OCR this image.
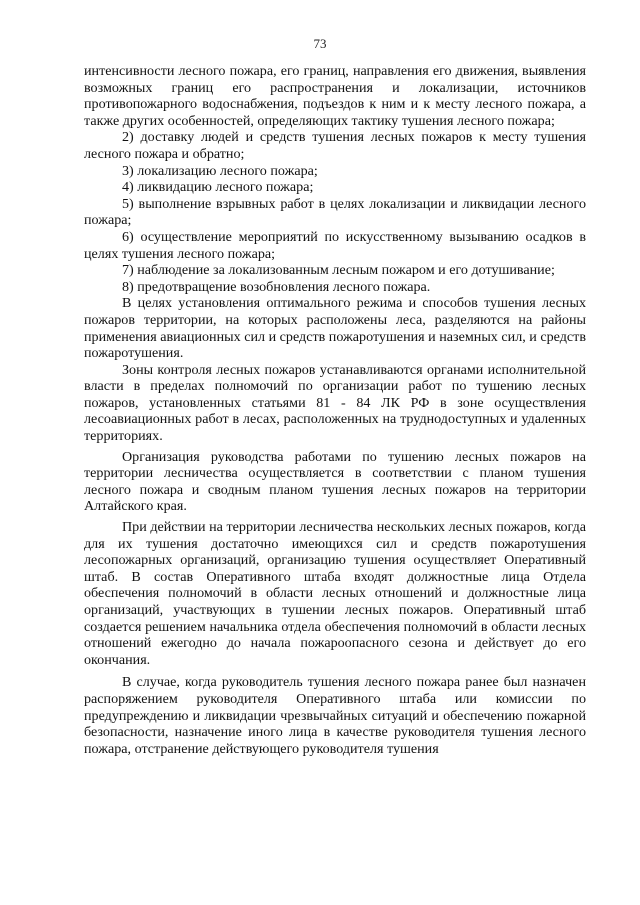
73

интенсивности лесного пожара, его границ, направления его движения, выявления возможных границ его распространения и локализации, источников противопожарного водоснабжения, подъездов к ним и к месту лесного пожара, а также других особенностей, определяющих тактику тушения лесного пожара;

2) доставку людей и средств тушения лесных пожаров к месту тушения лесного пожара и обратно;

3) локализацию лесного пожара;

4) ликвидацию лесного пожара;

5) выполнение взрывных работ в целях локализации и ликвидации лесного пожара;

6) осуществление мероприятий по искусственному вызыванию осадков в целях тушения лесного пожара;

7) наблюдение за локализованным лесным пожаром и его дотушивание;

8) предотвращение возобновления лесного пожара.

В целях установления оптимального режима и способов тушения лесных пожаров территории, на которых расположены леса, разделяются на районы применения авиационных сил и средств пожаротушения и наземных сил, и средств пожаротушения.

Зоны контроля лесных пожаров устанавливаются органами исполнительной власти в пределах полномочий по организации работ по тушению лесных пожаров, установленных статьями 81 - 84 ЛК РФ в зоне осуществления лесоавиационных работ в лесах, расположенных на труднодоступных и удаленных территориях.

Организация руководства работами по тушению лесных пожаров на территории лесничества осуществляется в соответствии с планом тушения лесного пожара и сводным планом тушения лесных пожаров на территории Алтайского края.

При действии на территории лесничества нескольких лесных пожаров, когда для их тушения достаточно имеющихся сил и средств пожаротушения лесопожарных организаций, организацию тушения осуществляет Оперативный штаб. В состав Оперативного штаба входят должностные лица Отдела обеспечения полномочий в области лесных отношений и должностные лица организаций, участвующих в тушении лесных пожаров. Оперативный штаб создается решением начальника отдела обеспечения полномочий в области лесных отношений ежегодно до начала пожароопасного сезона и действует до его окончания.

В случае, когда руководитель тушения лесного пожара ранее был назначен распоряжением руководителя Оперативного штаба или комиссии по предупреждению и ликвидации чрезвычайных ситуаций и обеспечению пожарной безопасности, назначение иного лица в качестве руководителя тушения лесного пожара, отстранение действующего руководителя тушения
